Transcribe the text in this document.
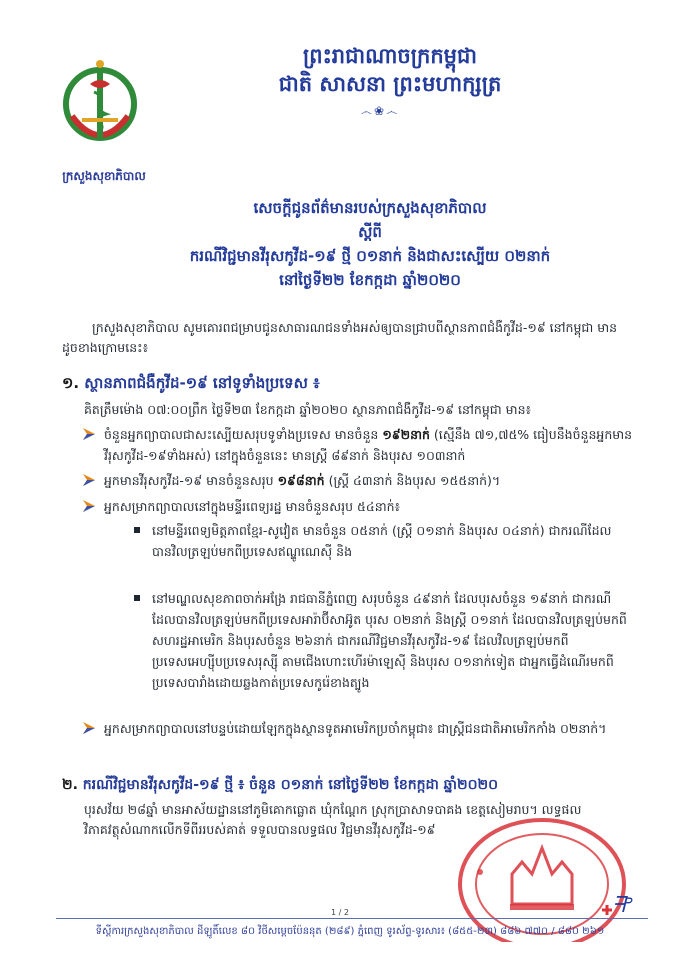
ក្រសួងសុខាភិបាល
ព្រះរាជាណាចក្រកម្ពុជា
ជាតិ សាសនា ព្រះមហាក្សត្រ
෴❀෴
សេចក្តីជូនព័ត៌មានរបស់ក្រសួងសុខាភិបាល
ស្តីពី
ករណីវិជ្ជមានវីរុសកូវីដ-១៩ ថ្មី ០១នាក់ និងជាសះស្បើយ ០២នាក់
នៅថ្ងៃទី២២ ខែកក្កដា ឆ្នាំ២០២០
ក្រសួងសុខាភិបាល សូមគោរពជម្រាបជូនសាធារណជនទាំងអស់ឲ្យបានជ្រាបពីស្ថានភាពជំងឺកូវីដ-១៩ នៅកម្ពុជា មានដូចខាងក្រោមនេះ៖
១. ស្ថានភាពជំងឺកូវីដ-១៩ នៅទូទាំងប្រទេស ៖
គិតត្រឹមម៉ោង ០៧:០០ព្រឹក ថ្ងៃទី២៣ ខែកក្កដា ឆ្នាំ២០២០ ស្ថានភាពជំងឺកូវីដ-១៩ នៅកម្ពុជា មាន៖
ចំនួនអ្នកព្យាបាលជាសះស្បើយសរុបទូទាំងប្រទេស មានចំនួន ១៩២នាក់ (ស្មើនឹង ៧១,៧៥% ធៀបនឹងចំនួនអ្នកមានវីរុសកូវីដ-១៩ទាំងអស់) នៅក្នុងចំនួននេះ មានស្ត្រី ៨៩នាក់ និងបុរស ១០៣នាក់
អ្នកមានវីរុសកូវីដ-១៩ មានចំនួនសរុប ១៩៨នាក់ (ស្ត្រី ៤៣នាក់ និងបុរស ១៥៥នាក់)។
អ្នកសម្រាកព្យាបាលនៅក្នុងមន្ទីរពេទ្យរដ្ឋ មានចំនួនសរុប ៥៤នាក់៖
នៅមន្ទីរពេទ្យមិត្តភាពខ្មែរ-សូវៀត មានចំនួន ០៥នាក់ (ស្ត្រី ០១នាក់ និងបុរស ០៤នាក់) ជាករណីដែលបានវិលត្រឡប់មកពីប្រទេសឥណ្ឌូណេស៊ី និង
នៅមណ្ឌលសុខភាពចាក់អង្រែ រាជធានីភ្នំពេញ សរុបចំនួន ៤៩នាក់ ដែលបុរសចំនួន ១៩នាក់ ជាករណីដែលបានវិលត្រឡប់មកពីប្រទេសអារ៉ាប៊ីសាអ៊ូត បុរស ០២នាក់ និងស្ត្រី ០១នាក់ ដែលបានវិលត្រឡប់មកពីសហរដ្ឋអាមេរិក និងបុរសចំនួន ២៦នាក់ ជាករណីវិជ្ជមានវីរុសកូវីដ-១៩ ដែលវិលត្រឡប់មកពីប្រទេសអេហ្ស៊ីបប្រទេសរុស្ស៊ី តាមជើងហោះហើរម៉ាឡេស៊ី និងបុរស ០១នាក់ទៀត ជាអ្នកធ្វើដំណើរមកពីប្រទេសបារាំងដោយឆ្លងកាត់ប្រទេសកូរ៉េខាងត្បូង
អ្នកសម្រាកព្យាបាលនៅបន្ទប់ដោយឡែកក្នុងស្ថានទូតអាមេរិកប្រចាំកម្ពុជា៖ ជាស្ត្រីជនជាតិអាមេរិកកាំង ០២នាក់។
២. ករណីវិជ្ជមានវីរុសកូវីដ-១៩ ថ្មី ៖ ចំនួន ០១នាក់ នៅថ្ងៃទី២២ ខែកក្កដា ឆ្នាំ២០២០
បុរសវ័យ ២៨ឆ្នាំ មានអាស័យដ្ឋាននៅភូមិគោកធ្លោត ឃុំកណ្តែក ស្រុកប្រាសាទបាគង ខេត្តសៀមរាប។ លទ្ធផលវិភាគវត្ថុសំណាកលើកទីពីររបស់គាត់ ទទួលបានលទ្ធផល វិជ្ជមានវីរុសកូវីដ-១៩
ᖷᐣ
1 / 2
ទីស្តីការក្រសួងសុខាភិបាល ដីឡូតិ៍លេខ ៨០ វិថីសម្តេចប៉ែននុត (២៨៩) ភ្នំពេញ ទូរស័ព្ទ-ទូរសារ៖ (៨៥៥-២៣) ៨៨៦ ៧៧០ / ៨៨០ ២៦១
